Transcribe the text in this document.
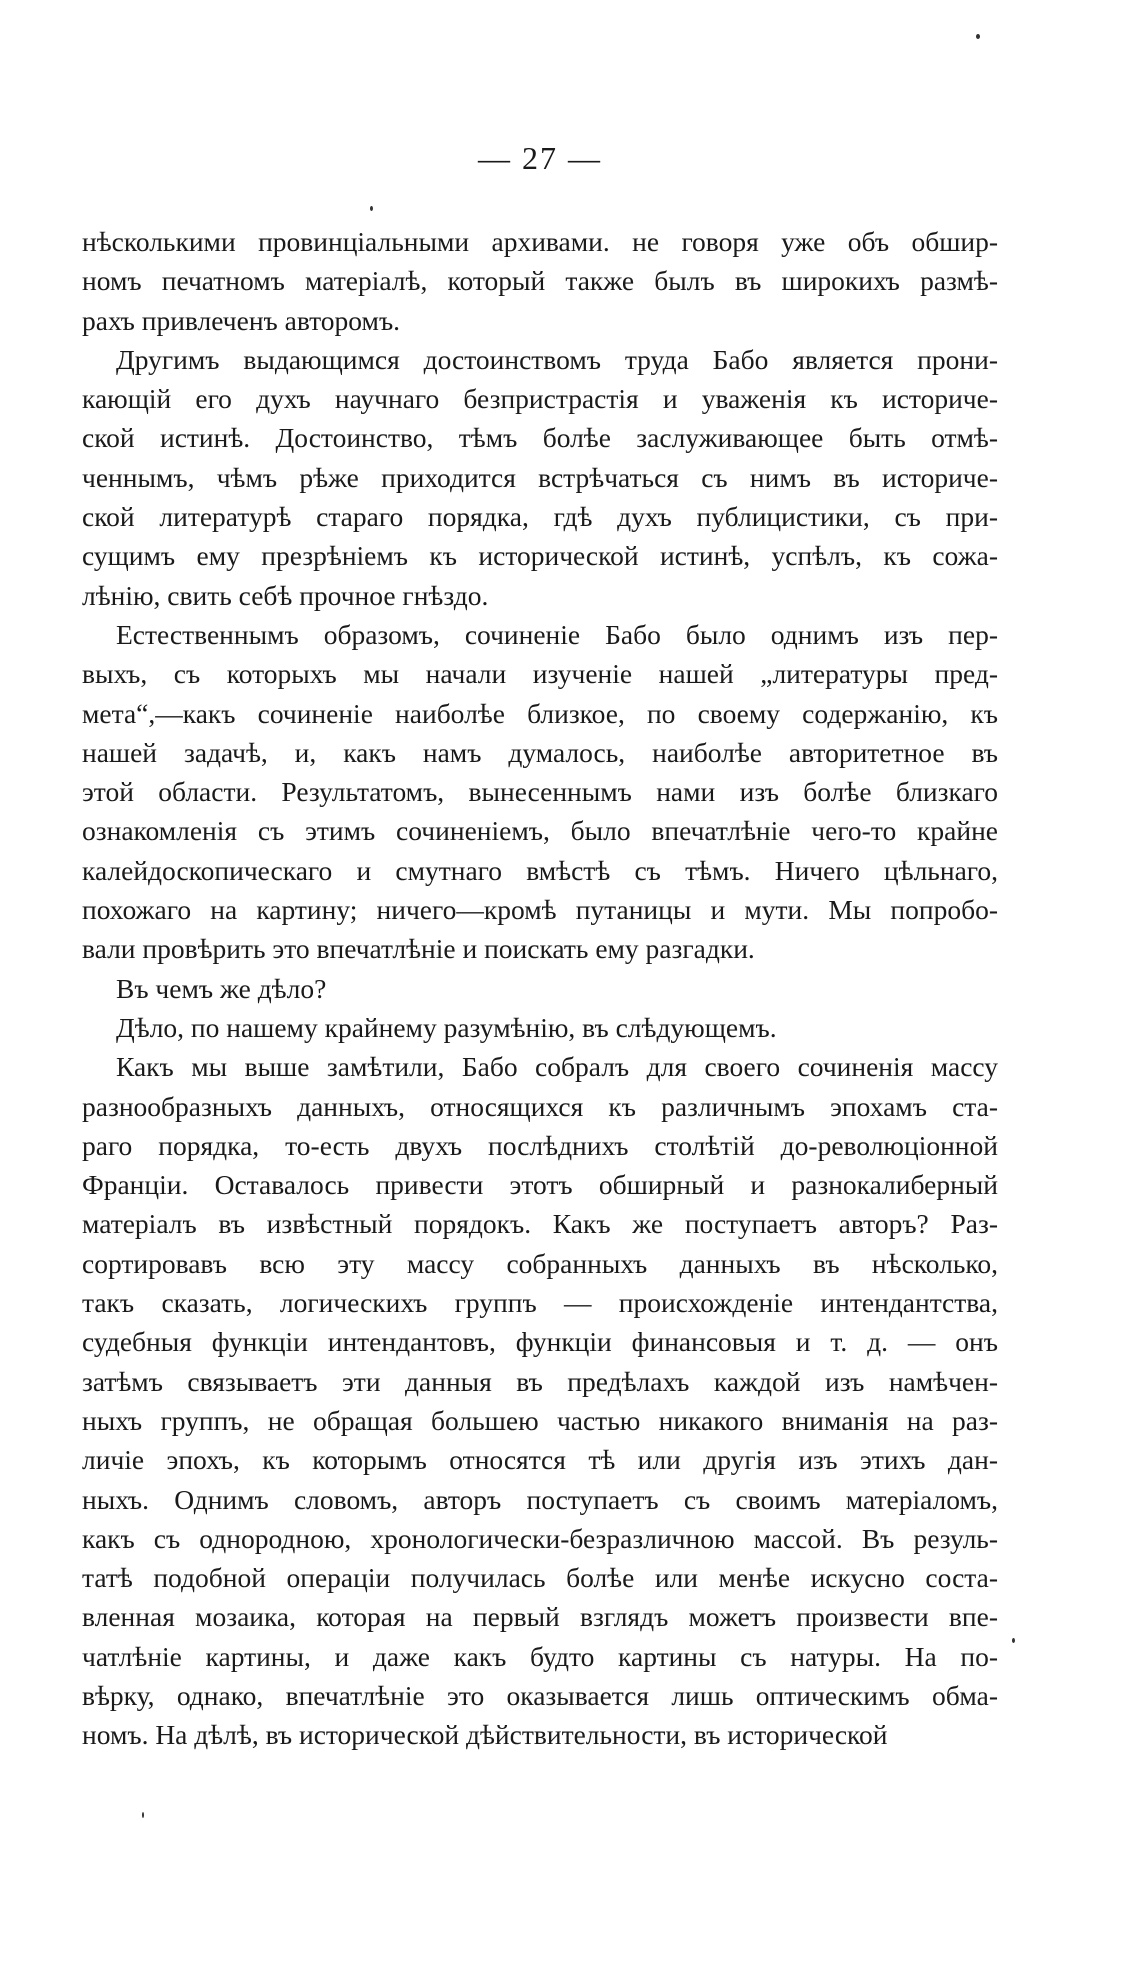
— 27 —
нѣсколькими провинціальными архивами. не говоря уже объ обшир-
номъ печатномъ матеріалѣ, который также былъ въ широкихъ размѣ-
рахъ привлеченъ авторомъ.
Другимъ выдающимся достоинствомъ труда Бабо является прони-
кающій его духъ научнаго безпристрастія и уваженія къ историче-
ской истинѣ. Достоинство, тѣмъ болѣе заслуживающее быть отмѣ-
ченнымъ, чѣмъ рѣже приходится встрѣчаться съ нимъ въ историче-
ской литературѣ стараго порядка, гдѣ духъ публицистики, съ при-
сущимъ ему презрѣніемъ къ исторической истинѣ, успѣлъ, къ сожа-
лѣнію, свить себѣ прочное гнѣздо.
Естественнымъ образомъ, сочиненіе Бабо было однимъ изъ пер-
выхъ, съ которыхъ мы начали изученіе нашей „литературы пред-
мета“,—какъ сочиненіе наиболѣе близкое, по своему содержанію, къ
нашей задачѣ, и, какъ намъ думалось, наиболѣе авторитетное въ
этой области. Результатомъ, вынесеннымъ нами изъ болѣе близкаго
ознакомленія съ этимъ сочиненіемъ, было впечатлѣніе чего-то крайне
калейдоскопическаго и смутнаго вмѣстѣ съ тѣмъ. Ничего цѣльнаго,
похожаго на картину; ничего—кромѣ путаницы и мути. Мы попробо-
вали провѣрить это впечатлѣніе и поискать ему разгадки.
Въ чемъ же дѣло?
Дѣло, по нашему крайнему разумѣнію, въ слѣдующемъ.
Какъ мы выше замѣтили, Бабо собралъ для своего сочиненія массу
разнообразныхъ данныхъ, относящихся къ различнымъ эпохамъ ста-
раго порядка, то-есть двухъ послѣднихъ столѣтій до-революціонной
Франціи. Оставалось привести этотъ обширный и разнокалиберный
матеріалъ въ извѣстный порядокъ. Какъ же поступаетъ авторъ? Раз-
сортировавъ всю эту массу собранныхъ данныхъ въ нѣсколько,
такъ сказать, логическихъ группъ — происхожденіе интендантства,
судебныя функціи интендантовъ, функціи финансовыя и т. д. — онъ
затѣмъ связываетъ эти данныя въ предѣлахъ каждой изъ намѣчен-
ныхъ группъ, не обращая большею частью никакого вниманія на раз-
личіе эпохъ, къ которымъ относятся тѣ или другія изъ этихъ дан-
ныхъ. Однимъ словомъ, авторъ поступаетъ съ своимъ матеріаломъ,
какъ съ однородною, хронологически-безразличною массой. Въ резуль-
татѣ подобной операціи получилась болѣе или менѣе искусно соста-
вленная мозаика, которая на первый взглядъ можетъ произвести впе-
чатлѣніе картины, и даже какъ будто картины съ натуры. На по-
вѣрку, однако, впечатлѣніе это оказывается лишь оптическимъ обма-
номъ. На дѣлѣ, въ исторической дѣйствительности, въ исторической
